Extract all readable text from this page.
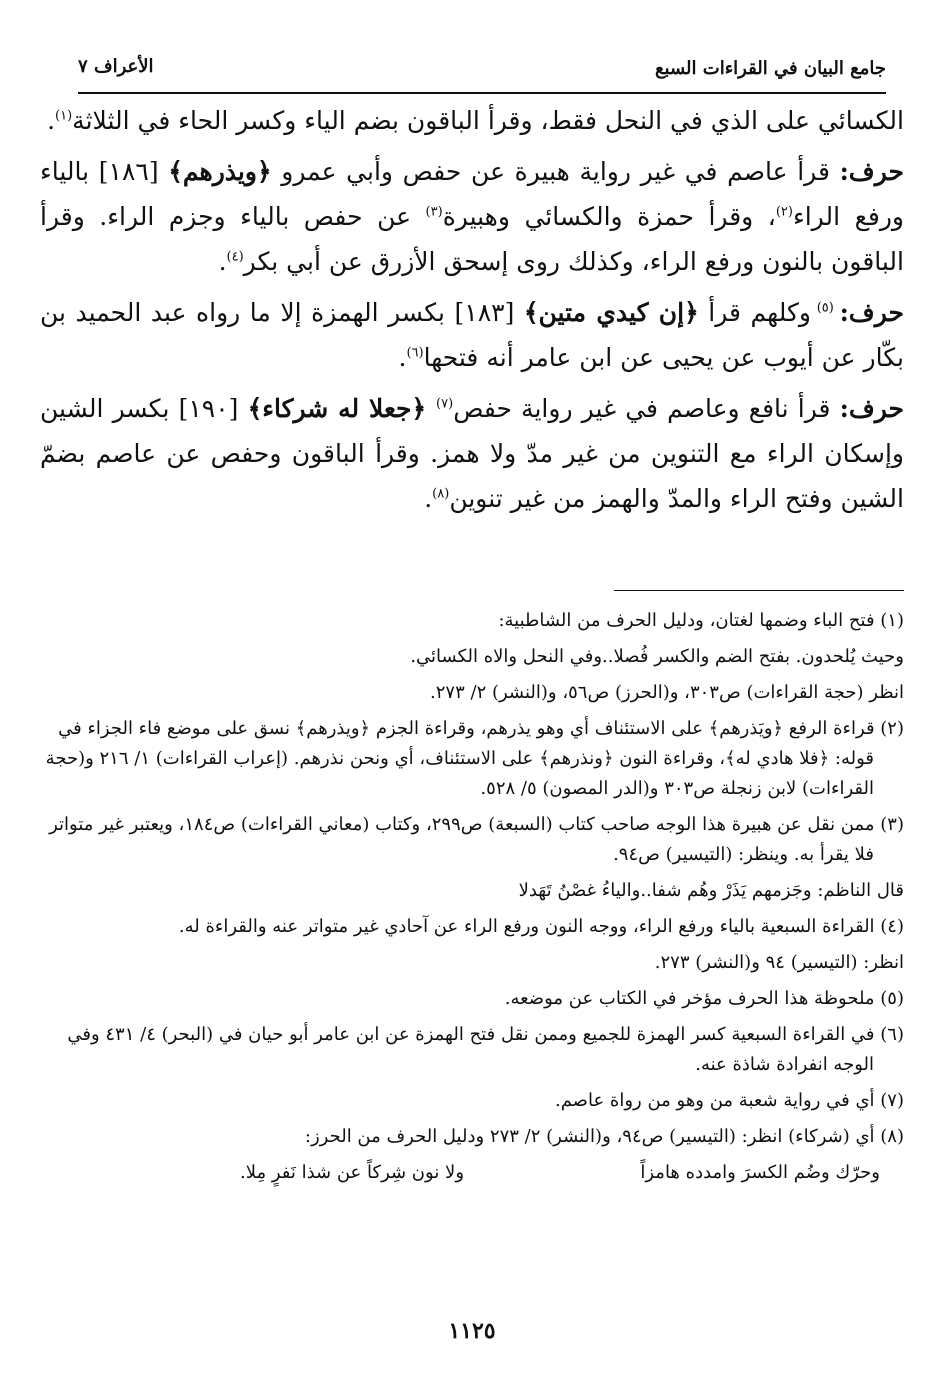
جامع البيان في القراءات السبع
الأعراف ٧

الكسائي على الذي في النحل فقط، وقرأ الباقون بضم الياء وكسر الحاء في الثلاثة$^{(١)}$.

حرف: قرأ عاصم في غير رواية هبيرة عن حفص وأبي عمرو ﴿ويذرهم﴾ [١٨٦] بالياء ورفع الراء$^{(٢)}$، وقرأ حمزة والكسائي وهبيرة$^{(٣)}$ عن حفص بالياء وجزم الراء. وقرأ الباقون بالنون ورفع الراء، وكذلك روى إسحق الأزرق عن أبي بكر$^{(٤)}$.

حرف: $^{(٥)}$ وكلهم قرأ ﴿إن كيدي متين﴾ [١٨٣] بكسر الهمزة إلا ما رواه عبد الحميد بن بكّار عن أيوب عن يحيى عن ابن عامر أنه فتحها$^{(٦)}$.

حرف: قرأ نافع وعاصم في غير رواية حفص$^{(٧)}$ ﴿جعلا له شركاء﴾ [١٩٠] بكسر الشين وإسكان الراء مع التنوين من غير مدّ ولا همز. وقرأ الباقون وحفص عن عاصم بضمّ الشين وفتح الراء والمدّ والهمز من غير تنوين$^{(٨)}$.

(١) فتح الباء وضمها لغتان، ودليل الحرف من الشاطبية:

وحيث يُلحدون. بفتح الضم والكسر فُصلا..وفي النحل والاه الكسائي.

انظر (حجة القراءات) ص٣٠٣، و(الحرز) ص٥٦، و(النشر) ٢/ ٢٧٣.

(٢) قراءة الرفع ﴿ويَذرهم﴾ على الاستئناف أي وهو يذرهم، وقراءة الجزم ﴿ويذرهم﴾ نسق على موضع فاء الجزاء في قوله: ﴿فلا هادي له﴾، وقراءة النون ﴿ونذرهم﴾ على الاستئناف، أي ونحن نذرهم. (إعراب القراءات) ١/ ٢١٦ و(حجة القراءات) لابن زنجلة ص٣٠٣ و(الدر المصون) ٥/ ٥٢٨.

(٣) ممن نقل عن هبيرة هذا الوجه صاحب كتاب (السبعة) ص٢٩٩، وكتاب (معاني القراءات) ص١٨٤، ويعتبر غير متواتر فلا يقرأ به. وينظر: (التيسير) ص٩٤.

قال الناظم: وجَزمهم يَذَرْ وهُم شفا..والياءُ غصْنُ تَهَدلا

(٤) القراءة السبعية بالياء ورفع الراء، ووجه النون ورفع الراء عن آحادي غير متواتر عنه والقراءة له.

انظر: (التيسير) ٩٤ و(النشر) ٢٧٣.

(٥) ملحوظة هذا الحرف مؤخر في الكتاب عن موضعه.

(٦) في القراءة السبعية كسر الهمزة للجميع وممن نقل فتح الهمزة عن ابن عامر أبو حيان في (البحر) ٤/ ٤٣١ وفي الوجه انفرادة شاذة عنه.

(٧) أي في رواية شعبة من وهو من رواة عاصم.

(٨) أي (شركاء) انظر: (التيسير) ص٩٤، و(النشر) ٢/ ٢٧٣ ودليل الحرف من الحرز:

وحرّك وضُم الكسرَ وامدده هامزاً
ولا نون شِركاً عن شذا نَفرٍ مِلا.
١١٢٥
